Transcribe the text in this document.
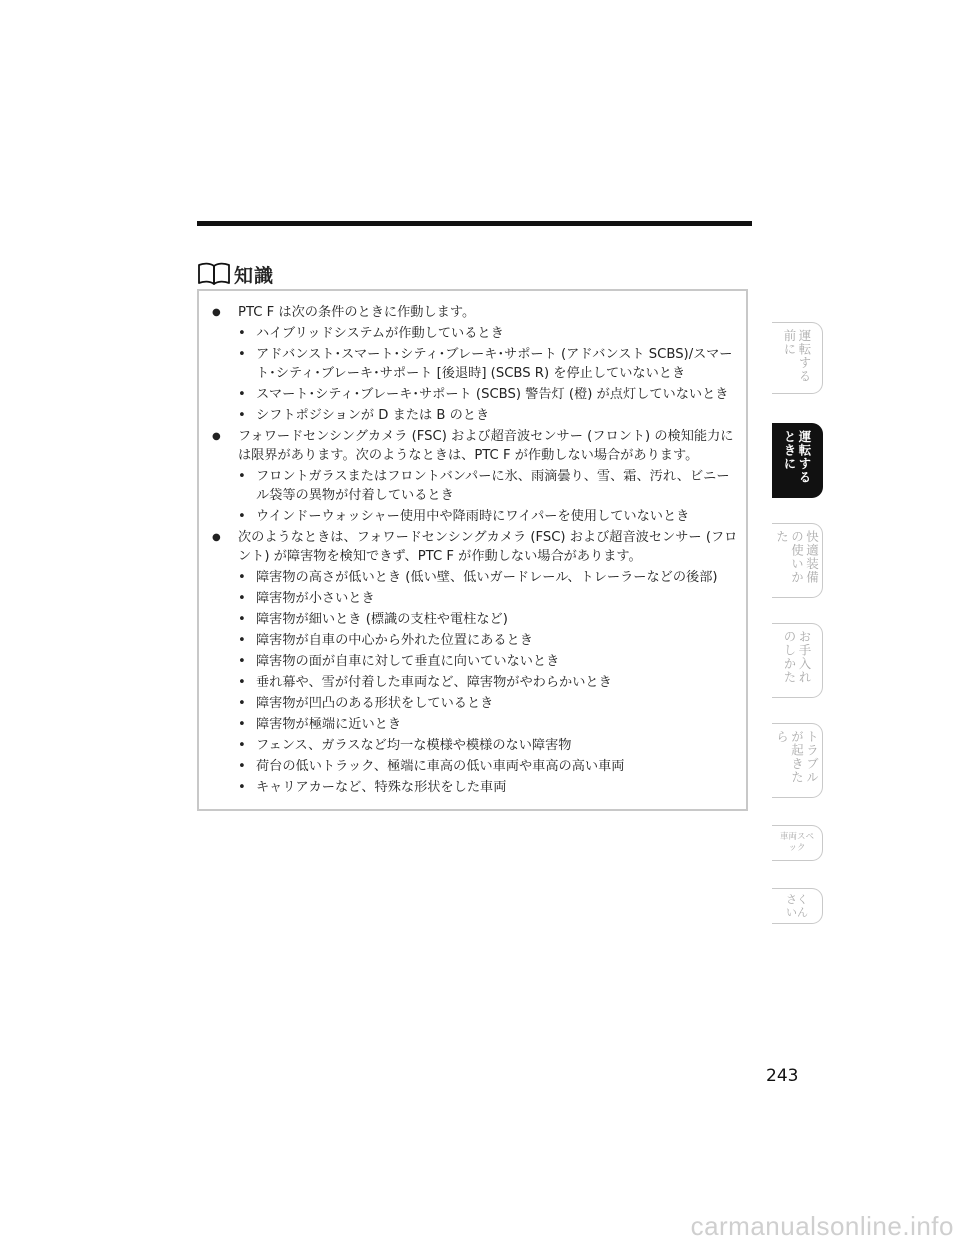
知識
● PTC F は次の条件のときに作動します。
• ハイブリッドシステムが作動しているとき
• アドバンスト･スマート･シティ･ブレーキ･サポート (アドバンスト SCBS)/スマート･シティ･ブレーキ･サポート [後退時] (SCBS R) を停止していないとき
• スマート･シティ･ブレーキ･サポート (SCBS) 警告灯 (橙) が点灯していないとき
• シフトポジションが D または B のとき
● フォワードセンシングカメラ (FSC) および超音波センサー (フロント) の検知能力には限界があります。次のようなときは、PTC F が作動しない場合があります。
• フロントガラスまたはフロントバンパーに氷、雨滴曇り、雪、霜、汚れ、ビニール袋等の異物が付着しているとき
• ウインドーウォッシャー使用中や降雨時にワイパーを使用していないとき
● 次のようなときは、フォワードセンシングカメラ (FSC) および超音波センサー (フロント) が障害物を検知できず、PTC F が作動しない場合があります。
• 障害物の高さが低いとき (低い壁、低いガードレール、トレーラーなどの後部)
• 障害物が小さいとき
• 障害物が細いとき (標識の支柱や電柱など)
• 障害物が自車の中心から外れた位置にあるとき
• 障害物の面が自車に対して垂直に向いていないとき
• 垂れ幕や、雪が付着した車両など、障害物がやわらかいとき
• 障害物が凹凸のある形状をしているとき
• 障害物が極端に近いとき
• フェンス、ガラスなど均一な模様や模様のない障害物
• 荷台の低いトラック、極端に車高の低い車両や車高の高い車両
• キャリアカーなど、特殊な形状をした車両
運転する前に
運転するときに
快適装備の使いかた
お手入れのしかた
トラブルが起きたら
車両スペック
さくいん
243
carmanualsonline.info
